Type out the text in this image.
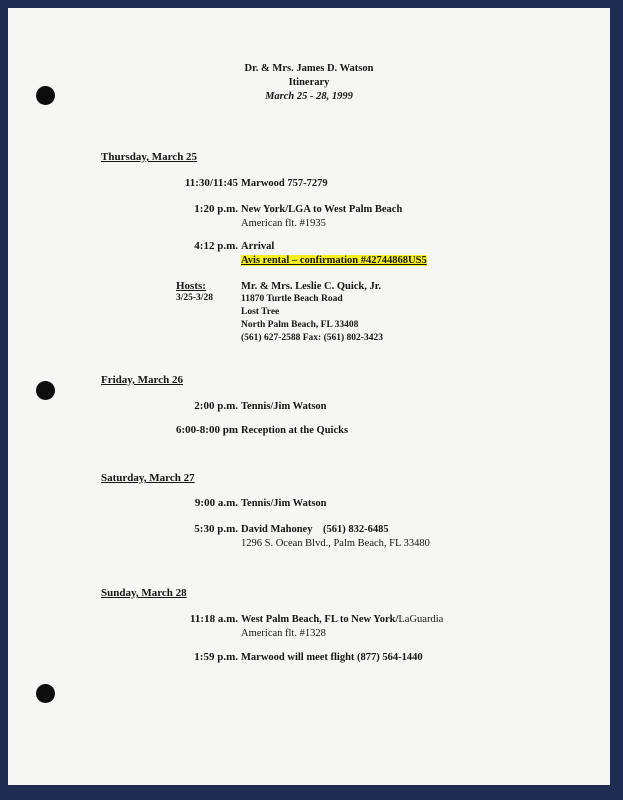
Dr. & Mrs. James D. Watson
Itinerary
March 25 - 28, 1999
Thursday, March 25
11:30/11:45 Marwood 757-7279
1:20 p.m. New York/LGA to West Palm Beach
American flt. #1935
4:12 p.m. Arrival
Avis rental – confirmation #42744868US5
Hosts:
3/25-3/28
Mr. & Mrs. Leslie C. Quick, Jr.
11870 Turtle Beach Road
Lost Tree
North Palm Beach, FL 33408
(561) 627-2588 Fax: (561) 802-3423
Friday, March 26
2:00 p.m. Tennis/Jim Watson
6:00-8:00 pm Reception at the Quicks
Saturday, March 27
9:00 a.m. Tennis/Jim Watson
5:30 p.m. David Mahoney    (561) 832-6485
1296 S. Ocean Blvd., Palm Beach, FL 33480
Sunday, March 28
11:18 a.m. West Palm Beach, FL to New York/LaGuardia
American flt. #1328
1:59 p.m. Marwood will meet flight (877) 564-1440
